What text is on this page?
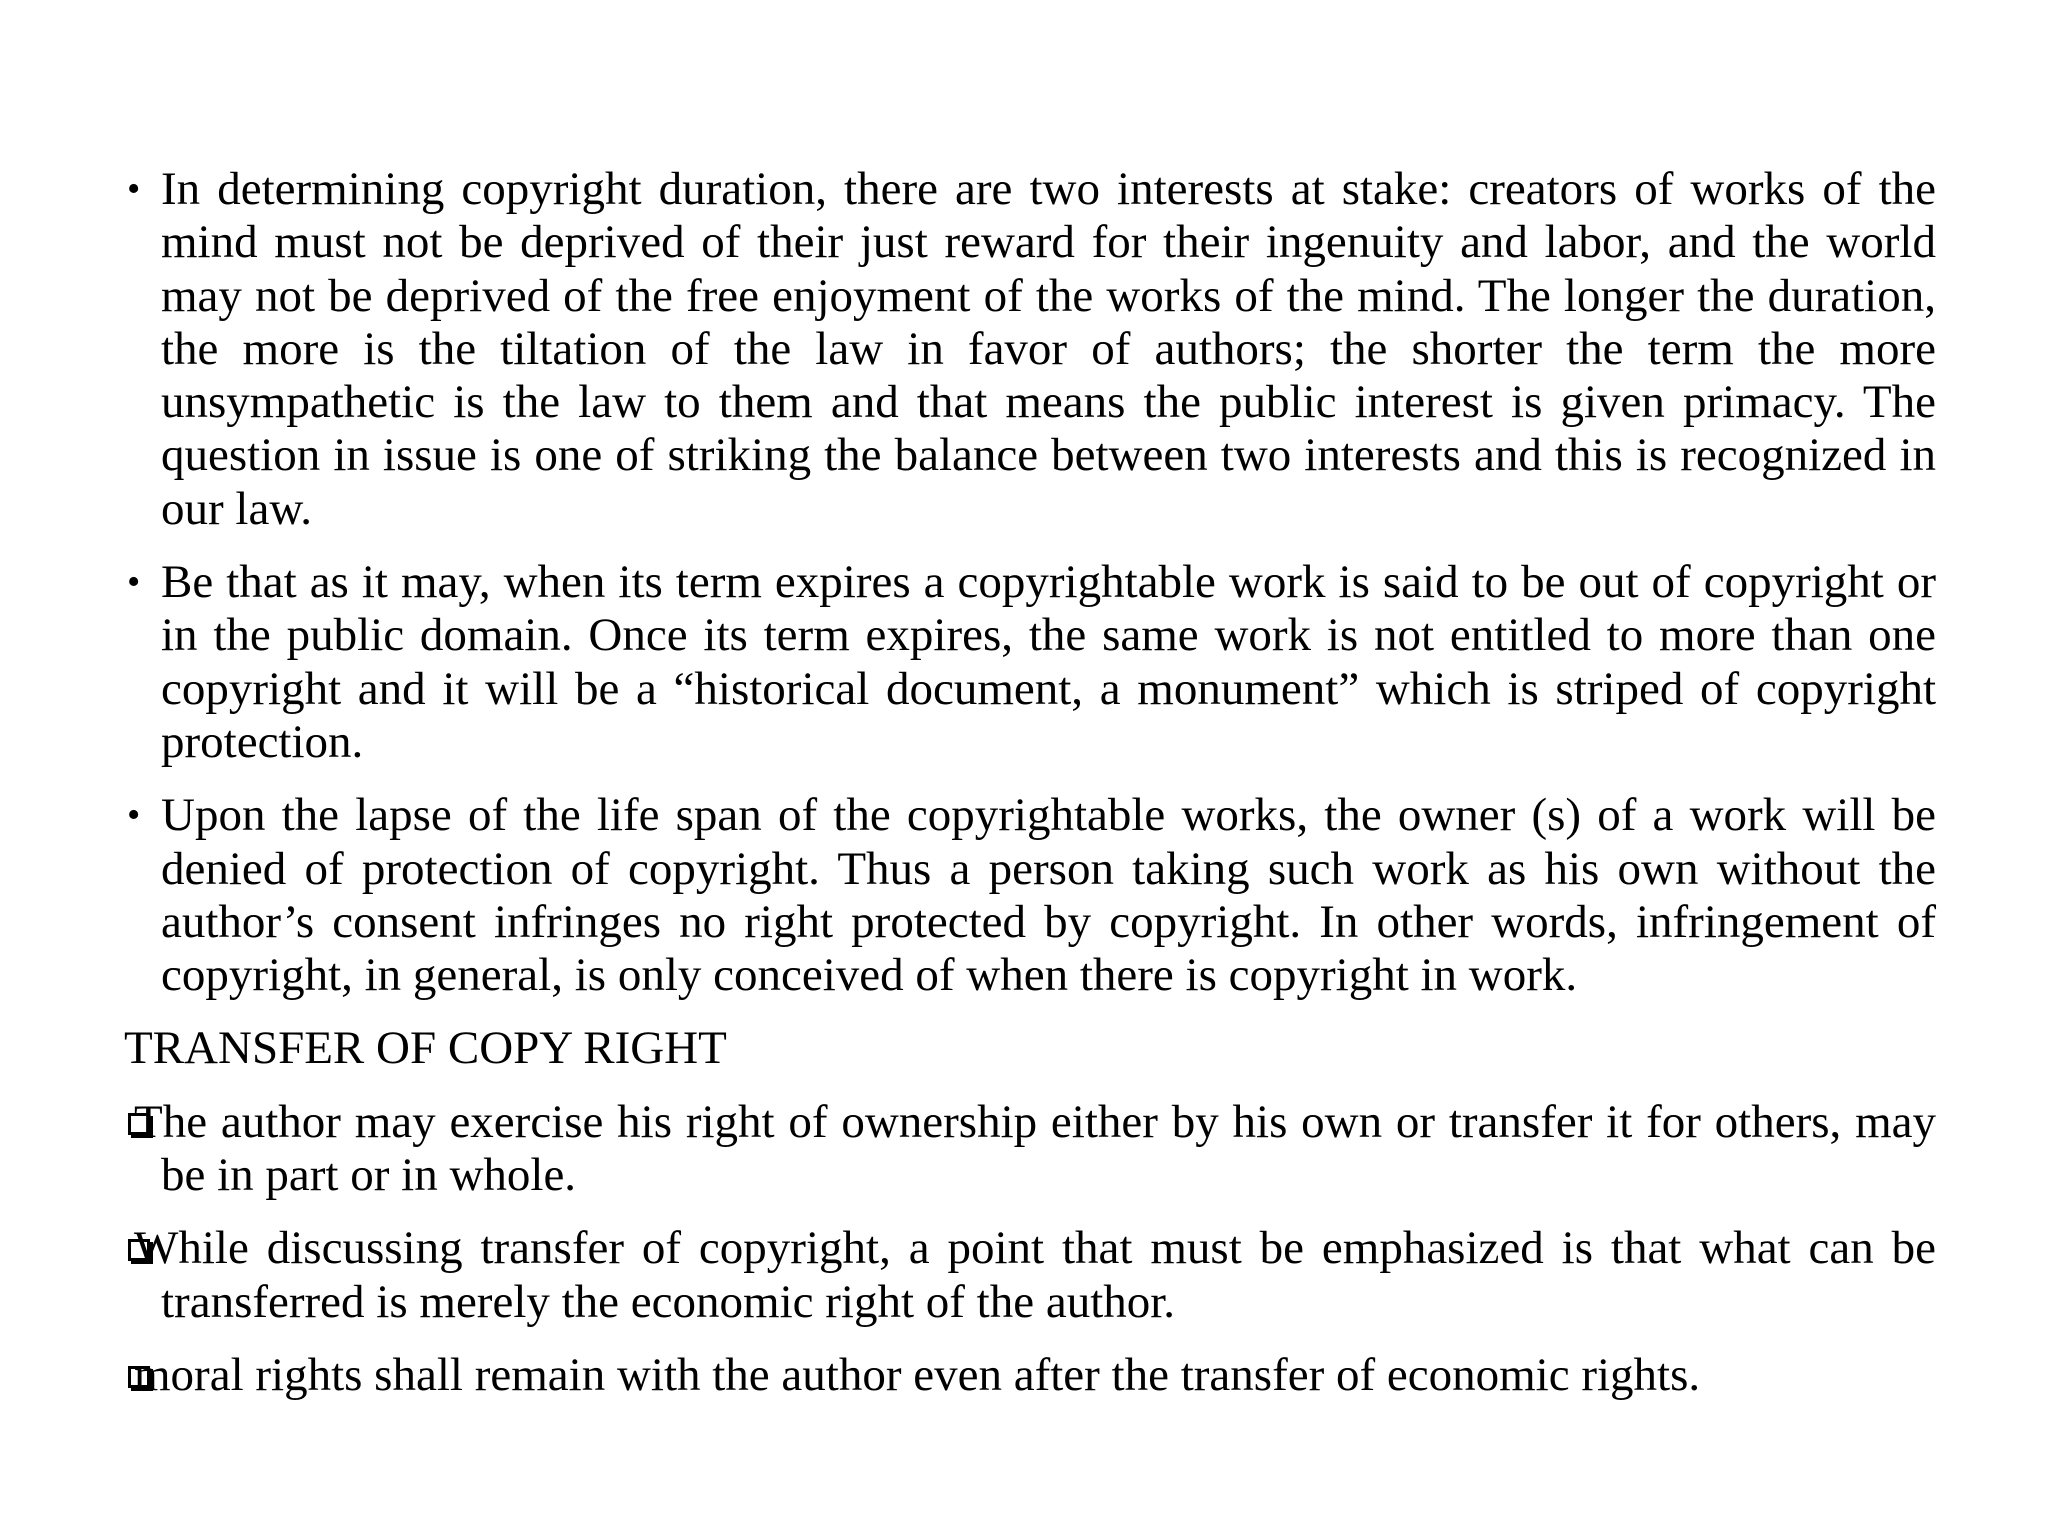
• In determining copyright duration, there are two interests at stake: creators of works of the mind must not be deprived of their just reward for their ingenuity and labor, and the world may not be deprived of the free enjoyment of the works of the mind. The longer the duration, the more is the tiltation of the law in favor of authors; the shorter the term the more unsympathetic is the law to them and that means the public interest is given primacy. The question in issue is one of striking the balance between two interests and this is recognized in our law.
• Be that as it may, when its term expires a copyrightable work is said to be out of copyright or in the public domain. Once its term expires, the same work is not entitled to more than one copyright and it will be a “historical document, a monument” which is striped of copyright protection.
• Upon the lapse of the life span of the copyrightable works, the owner (s) of a work will be denied of protection of copyright. Thus a person taking such work as his own without the author’s consent infringes no right protected by copyright. In other words, infringement of copyright, in general, is only conceived of when there is copyright in work.
TRANSFER OF COPY RIGHT
The author may exercise his right of ownership either by his own or transfer it for others, may be in part or in whole.
While discussing transfer of copyright, a point that must be emphasized is that what can be transferred is merely the economic right of the author.
moral rights shall remain with the author even after the transfer of economic rights.
